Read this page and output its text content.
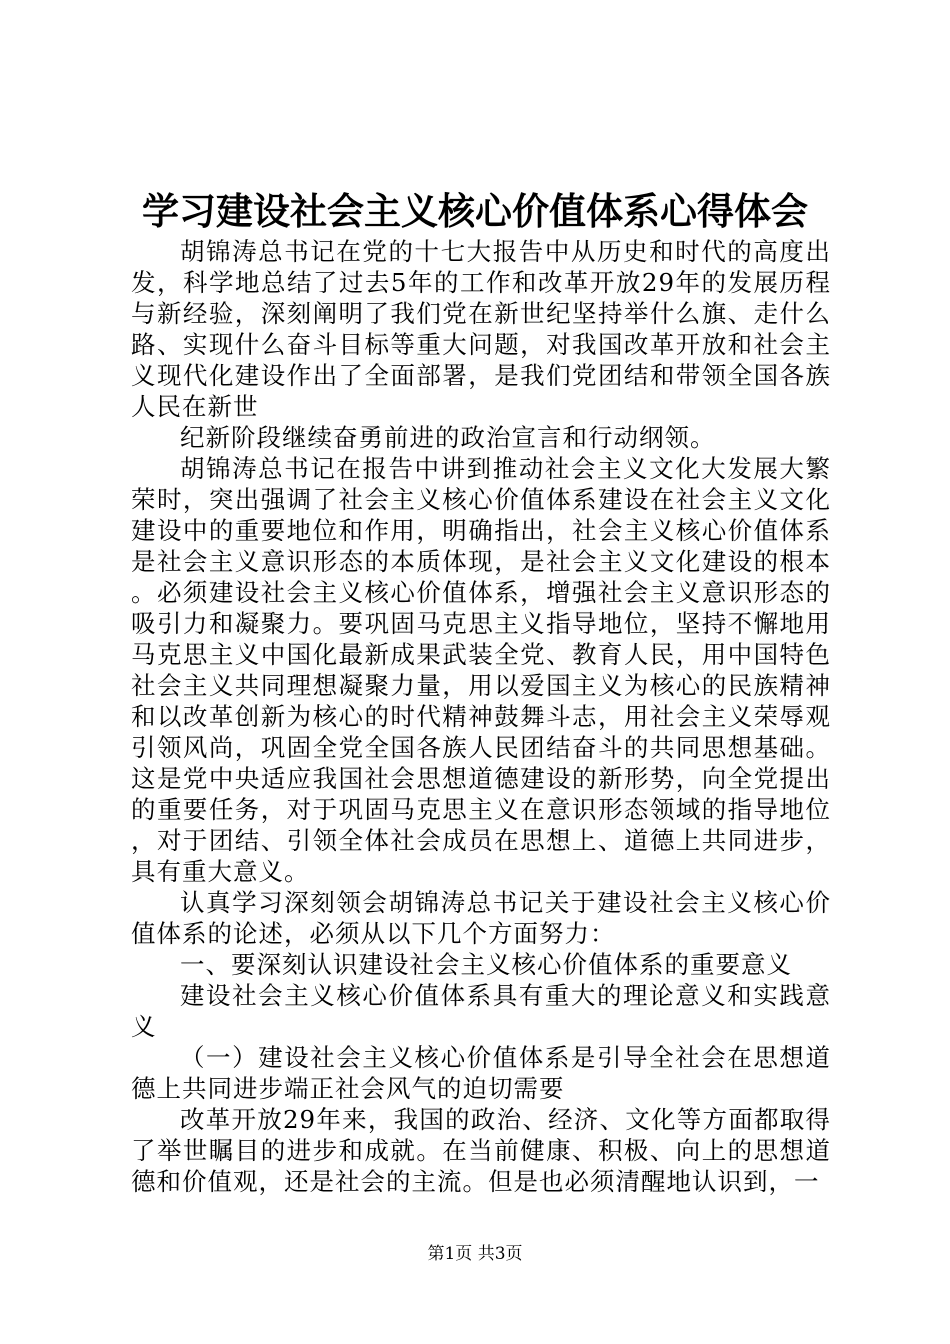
学习建设社会主义核心价值体系心得体会

胡锦涛总书记在党的十七大报告中从历史和时代的高度出发，科学地总结了过去5年的工作和改革开放29年的发展历程与新经验，深刻阐明了我们党在新世纪坚持举什么旗、走什么路、实现什么奋斗目标等重大问题，对我国改革开放和社会主义现代化建设作出了全面部署，是我们党团结和带领全国各族人民在新世

纪新阶段继续奋勇前进的政治宣言和行动纲领。

胡锦涛总书记在报告中讲到推动社会主义文化大发展大繁荣时，突出强调了社会主义核心价值体系建设在社会主义文化建设中的重要地位和作用，明确指出，社会主义核心价值体系是社会主义意识形态的本质体现，是社会主义文化建设的根本。必须建设社会主义核心价值体系，增强社会主义意识形态的吸引力和凝聚力。要巩固马克思主义指导地位，坚持不懈地用马克思主义中国化最新成果武装全党、教育人民，用中国特色社会主义共同理想凝聚力量，用以爱国主义为核心的民族精神和以改革创新为核心的时代精神鼓舞斗志，用社会主义荣辱观引领风尚，巩固全党全国各族人民团结奋斗的共同思想基础。这是党中央适应我国社会思想道德建设的新形势，向全党提出的重要任务，对于巩固马克思主义在意识形态领域的指导地位，对于团结、引领全体社会成员在思想上、道德上共同进步，具有重大意义。

认真学习深刻领会胡锦涛总书记关于建设社会主义核心价值体系的论述，必须从以下几个方面努力：

一、要深刻认识建设社会主义核心价值体系的重要意义

建设社会主义核心价值体系具有重大的理论意义和实践意义

（一）建设社会主义核心价值体系是引导全社会在思想道德上共同进步端正社会风气的迫切需要

改革开放29年来，我国的政治、经济、文化等方面都取得了举世瞩目的进步和成就。在当前健康、积极、向上的思想道德和价值观，还是社会的主流。但是也必须清醒地认识到，一

第1页 共3页
